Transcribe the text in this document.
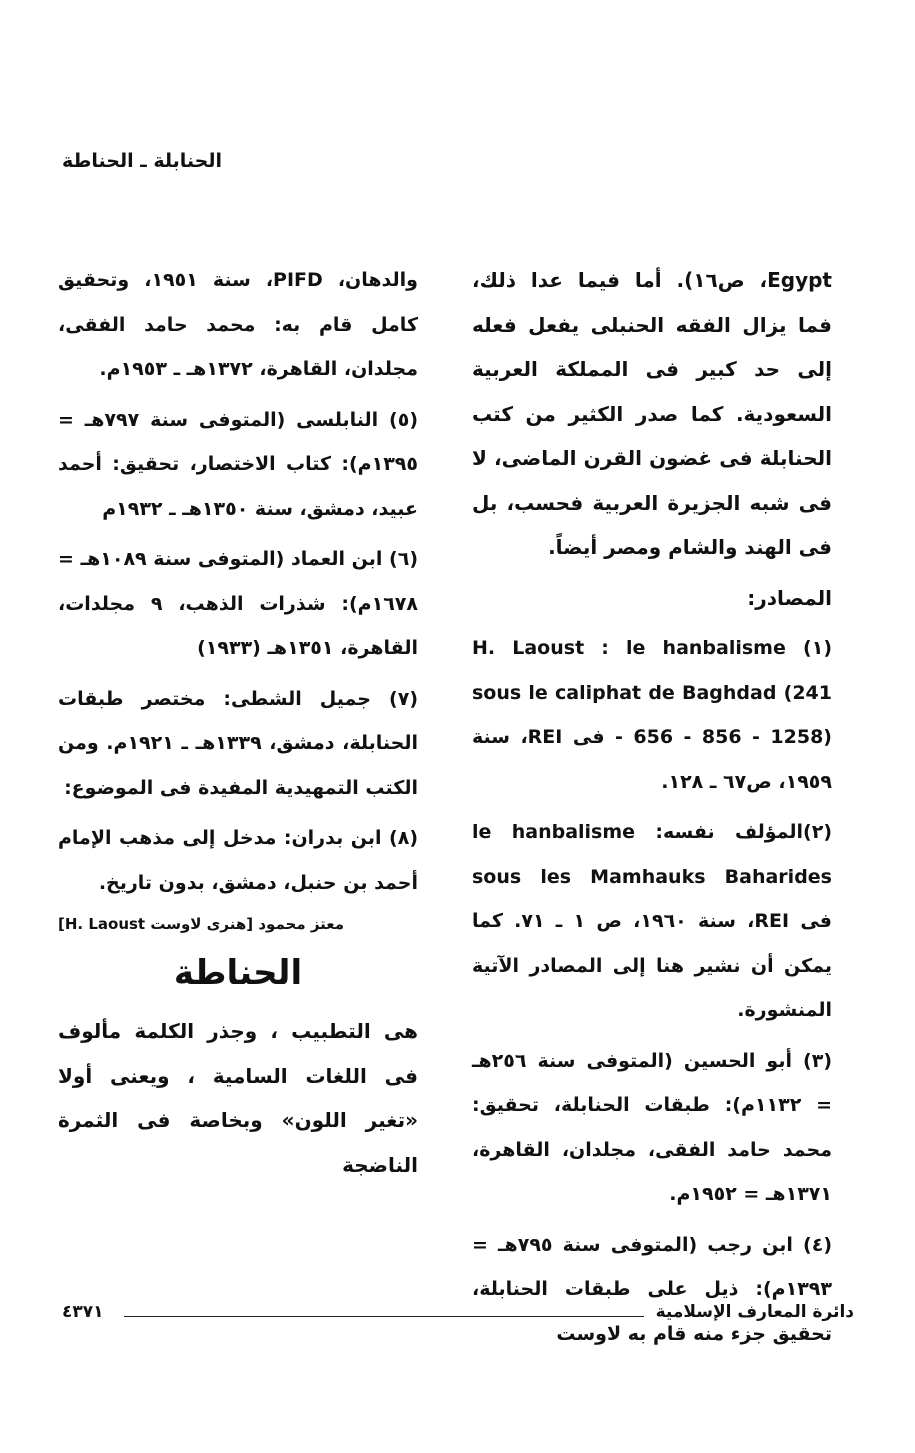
الحنابلة ـ الحناطة

Egypt، ص١٦). أما فيما عدا ذلك، فما يزال الفقه الحنبلى يفعل فعله إلى حد كبير فى المملكة العربية السعودية. كما صدر الكثير من كتب الحنابلة فى غضون القرن الماضى، لا فى شبه الجزيرة العربية فحسب، بل فى الهند والشام ومصر أيضاً.

المصادر:

(١) H. Laoust : le hanbalisme sous le caliphat de Baghdad (241 - 656 - 856 - 1258) فى REI، سنة ١٩٥٩، ص٦٧ ـ ١٢٨.

(٢)المؤلف نفسه: le hanbalisme sous les Mamhauks Baharides فى REI، سنة ١٩٦٠، ص ١ ـ ٧١. كما يمكن أن نشير هنا إلى المصادر الآتية المنشورة.

(٣) أبو الحسين (المتوفى سنة ٢٥٦هـ = ١١٣٢م): طبقات الحنابلة، تحقيق: محمد حامد الفقى، مجلدان، القاهرة، ١٣٧١هـ = ١٩٥٢م.

(٤) ابن رجب (المتوفى سنة ٧٩٥هـ = ١٣٩٣م): ذيل على طبقات الحنابلة، تحقيق جزء منه قام به لاوست

والدهان، PIFD، سنة ١٩٥١، وتحقيق كامل قام به: محمد حامد الفقى، مجلدان، القاهرة، ١٣٧٢هـ ـ ١٩٥٣م.

(٥) النابلسى (المتوفى سنة ٧٩٧هـ = ١٣٩٥م): كتاب الاختصار، تحقيق: أحمد عبيد، دمشق، سنة ١٣٥٠هـ ـ ١٩٣٢م

(٦) ابن العماد (المتوفى سنة ١٠٨٩هـ = ١٦٧٨م): شذرات الذهب، ٩ مجلدات، القاهرة، ١٣٥١هـ (١٩٣٣)

(٧) جميل الشطى: مختصر طبقات الحنابلة، دمشق، ١٣٣٩هـ ـ ١٩٢١م. ومن الكتب التمهيدية المفيدة فى الموضوع:

(٨) ابن بدران: مدخل إلى مذهب الإمام أحمد بن حنبل، دمشق، بدون تاريخ.

معتز محمود [هنرى لاوست H. Laoust]

الحناطة

هى التطبيب ، وجذر الكلمة مألوف فى اللغات السامية ، ويعنى أولا «تغير اللون» وبخاصة فى الثمرة الناضجة

٤٣٧١	دائرة المعارف الإسلامية
